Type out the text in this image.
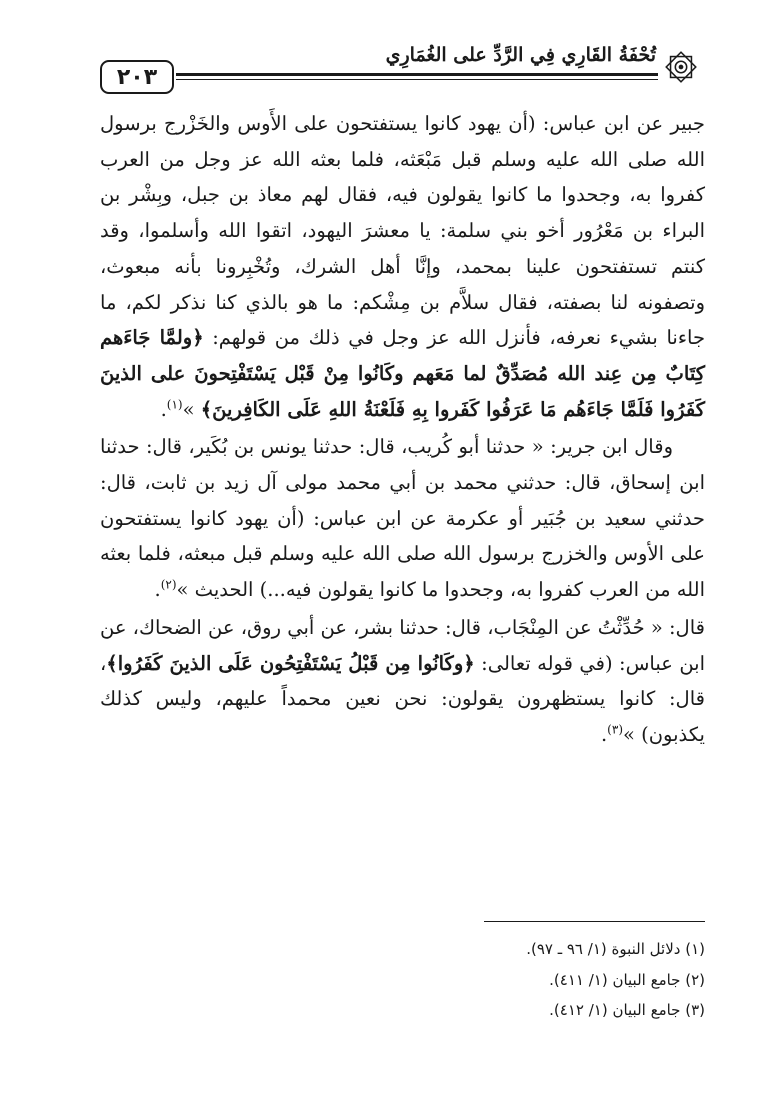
تُحْفَةُ القَارِي فِي الرَّدِّ على الغُمَارِي
٢٠٣

جبير عن ابن عباس: (أن يهود كانوا يستفتحون على الأَوس والخَزْرج برسول الله صلى الله عليه وسلم قبل مَبْعَثه، فلما بعثه الله عز وجل من العرب كفروا به، وجحدوا ما كانوا يقولون فيه، فقال لهم معاذ بن جبل، وبِشْر بن البراء بن مَعْرُور أخو بني سلمة: يا معشرَ اليهود، اتقوا الله وأسلموا، وقد كنتم تستفتحون علينا بمحمد، وإنَّا أهل الشرك، وتُخْبِرونا بأنه مبعوث، وتصفونه لنا بصفته، فقال سلاَّم بن مِشْكم: ما هو بالذي كنا نذكر لكم، ما جاءنا بشيء نعرفه، فأنزل الله عز وجل في ذلك من قولهم: ﴿ولمَّا جَاءَهم كِتَابٌ مِن عِند الله مُصَدِّقٌ لما مَعَهم وكَانُوا مِنْ قَبْل يَسْتَفْتِحونَ على الذينَ كَفَرُوا فَلَمَّا جَاءَهُم مَا عَرَفُوا كَفَروا بِهِ فَلَعْنَةُ اللهِ عَلَى الكَافِرينَ﴾ »$^{(١)}$.

وقال ابن جرير: « حدثنا أبو كُريب، قال: حدثنا يونس بن بُكَير، قال: حدثنا ابن إسحاق، قال: حدثني محمد بن أبي محمد مولى آل زيد بن ثابت، قال: حدثني سعيد بن جُبَير أو عكرمة عن ابن عباس: (أن يهود كانوا يستفتحون على الأوس والخزرج برسول الله صلى الله عليه وسلم قبل مبعثه، فلما بعثه الله من العرب كفروا به، وجحدوا ما كانوا يقولون فيه...) الحديث »$^{(٢)}$.

قال: « حُدِّثْتُ عن المِنْجَاب، قال: حدثنا بشر، عن أبي روق، عن الضحاك، عن ابن عباس: (في قوله تعالى: ﴿وكَانُوا مِن قَبْلُ يَسْتَفْتِحُون عَلَى الذينَ كَفَرُوا﴾، قال: كانوا يستظهرون يقولون: نحن نعين محمداً عليهم، وليس كذلك يكذبون) »$^{(٣)}$.

(١) دلائل النبوة (١/ ٩٦ ـ ٩٧).

(٢) جامع البيان (١/ ٤١١).

(٣) جامع البيان (١/ ٤١٢).
